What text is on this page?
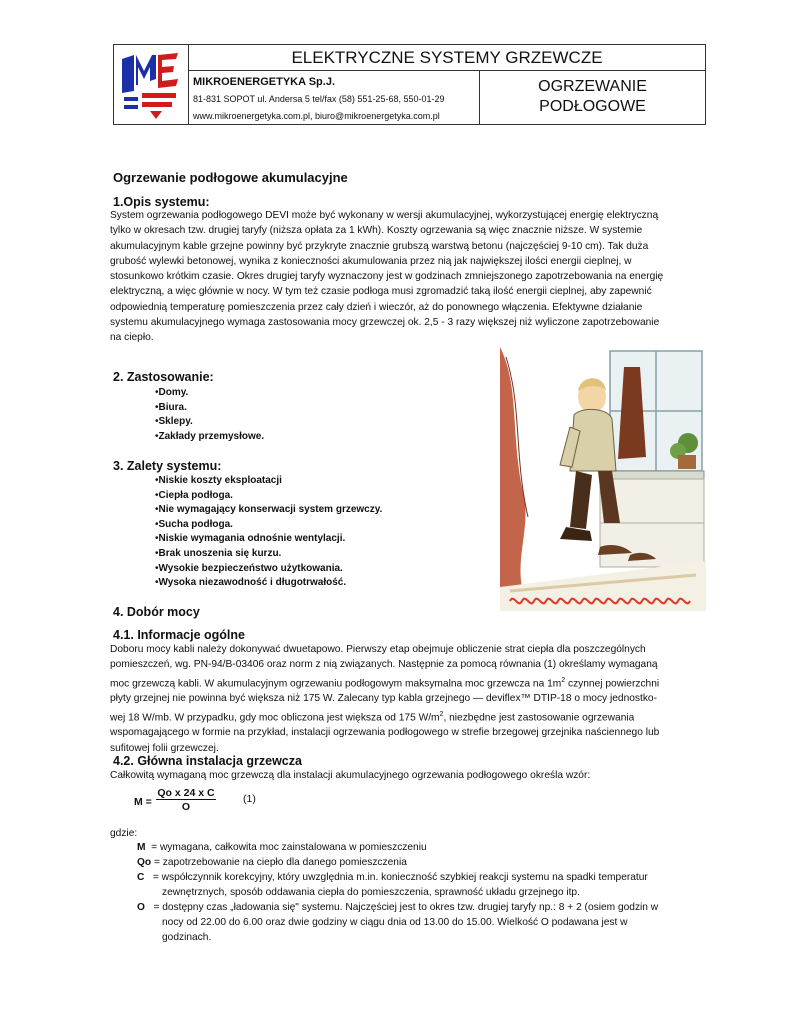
ELEKTRYCZNE SYSTEMY GRZEWCZE
MIKROENERGETYKA Sp.J.
81-831 SOPOT ul. Andersa 5 tel/fax (58) 551-25-68, 550-01-29
www.mikroenergetyka.com.pl, biuro@mikroenergetyka.com.pl
OGRZEWANIE
PODŁOGOWE
Ogrzewanie podłogowe akumulacyjne
1.Opis systemu:
System ogrzewania podłogowego DEVI może być wykonany w wersji akumulacyjnej, wykorzystującej energię elektryczną
tylko w okresach tzw. drugiej taryfy (niższa opłata za 1 kWh). Koszty ogrzewania są więc znacznie niższe. W systemie
akumulacyjnym kable grzejne powinny być przykryte znacznie grubszą warstwą betonu (najczęściej 9-10 cm). Tak duża
grubość wylewki betonowej, wynika z konieczności akumulowania przez nią jak największej ilości energii cieplnej, w
stosunkowo krótkim czasie. Okres drugiej taryfy wyznaczony jest w godzinach zmniejszonego zapotrzebowania na energię
elektryczną, a więc głównie w nocy. W tym też czasie podłoga musi zgromadzić taką ilość energii cieplnej, aby zapewnić
odpowiednią temperaturę pomieszczenia przez cały dzień i wieczór, aż do ponownego włączenia. Efektywne działanie
systemu akumulacyjnego wymaga zastosowania mocy grzewczej ok. 2,5 - 3 razy większej niż wyliczone zapotrzebowanie
na ciepło.
2. Zastosowanie:
• Domy.
• Biura.
• Sklepy.
• Zakłady przemysłowe.
3. Zalety systemu:
• Niskie koszty eksploatacji
• Ciepła podłoga.
• Nie wymagający konserwacji system grzewczy.
• Sucha podłoga.
• Niskie wymagania odnośnie wentylacji.
• Brak unoszenia się kurzu.
• Wysokie bezpieczeństwo użytkowania.
• Wysoka niezawodność i długotrwałość.
4. Dobór mocy
4.1. Informacje ogólne
Doboru mocy kabli należy dokonywać dwuetapowo. Pierwszy etap obejmuje obliczenie strat ciepła dla poszczególnych
pomieszczeń, wg. PN-94/B-03406 oraz norm z nią związanych. Następnie za pomocą równania (1) określamy wymaganą
moc grzewczą kabli. W akumulacyjnym ogrzewaniu podłogowym maksymalna moc grzewcza na $1m^2$ czynnej powierzchni
płyty grzejnej nie powinna być większa niż 175 W. Zalecany typ kabla grzejnego — deviflex™ DTIP-18 o mocy jednostko-
wej 18 W/mb. W przypadku, gdy moc obliczona jest większa od 175 $W/m^2$, niezbędne jest zastosowanie ogrzewania
wspomagającego w formie na przykład, instalacji ogrzewania podłogowego w strefie brzegowej grzejnika naściennego lub
sufitowej folii grzewczej.
4.2. Główna instalacja grzewcza
Całkowitą wymaganą moc grzewczą dla instalacji akumulacyjnego ogrzewania podłogowego określa wzór:
M =
Qo x 24 x C
O
(1)
gdzie:
M = wymagana, całkowita moc zainstalowana w pomieszczeniu
Qo = zapotrzebowanie na ciepło dla danego pomieszczenia
C = współczynnik korekcyjny, który uwzględnia m.in. konieczność szybkiej reakcji systemu na spadki temperatur
zewnętrznych, sposób oddawania ciepła do pomieszczenia, sprawność układu grzejnego itp.
O = dostępny czas „ładowania się" systemu. Najczęściej jest to okres tzw. drugiej taryfy np.: 8 + 2 (osiem godzin w
nocy od 22.00 do 6.00 oraz dwie godziny w ciągu dnia od 13.00 do 15.00. Wielkość O podawana jest w
godzinach.
